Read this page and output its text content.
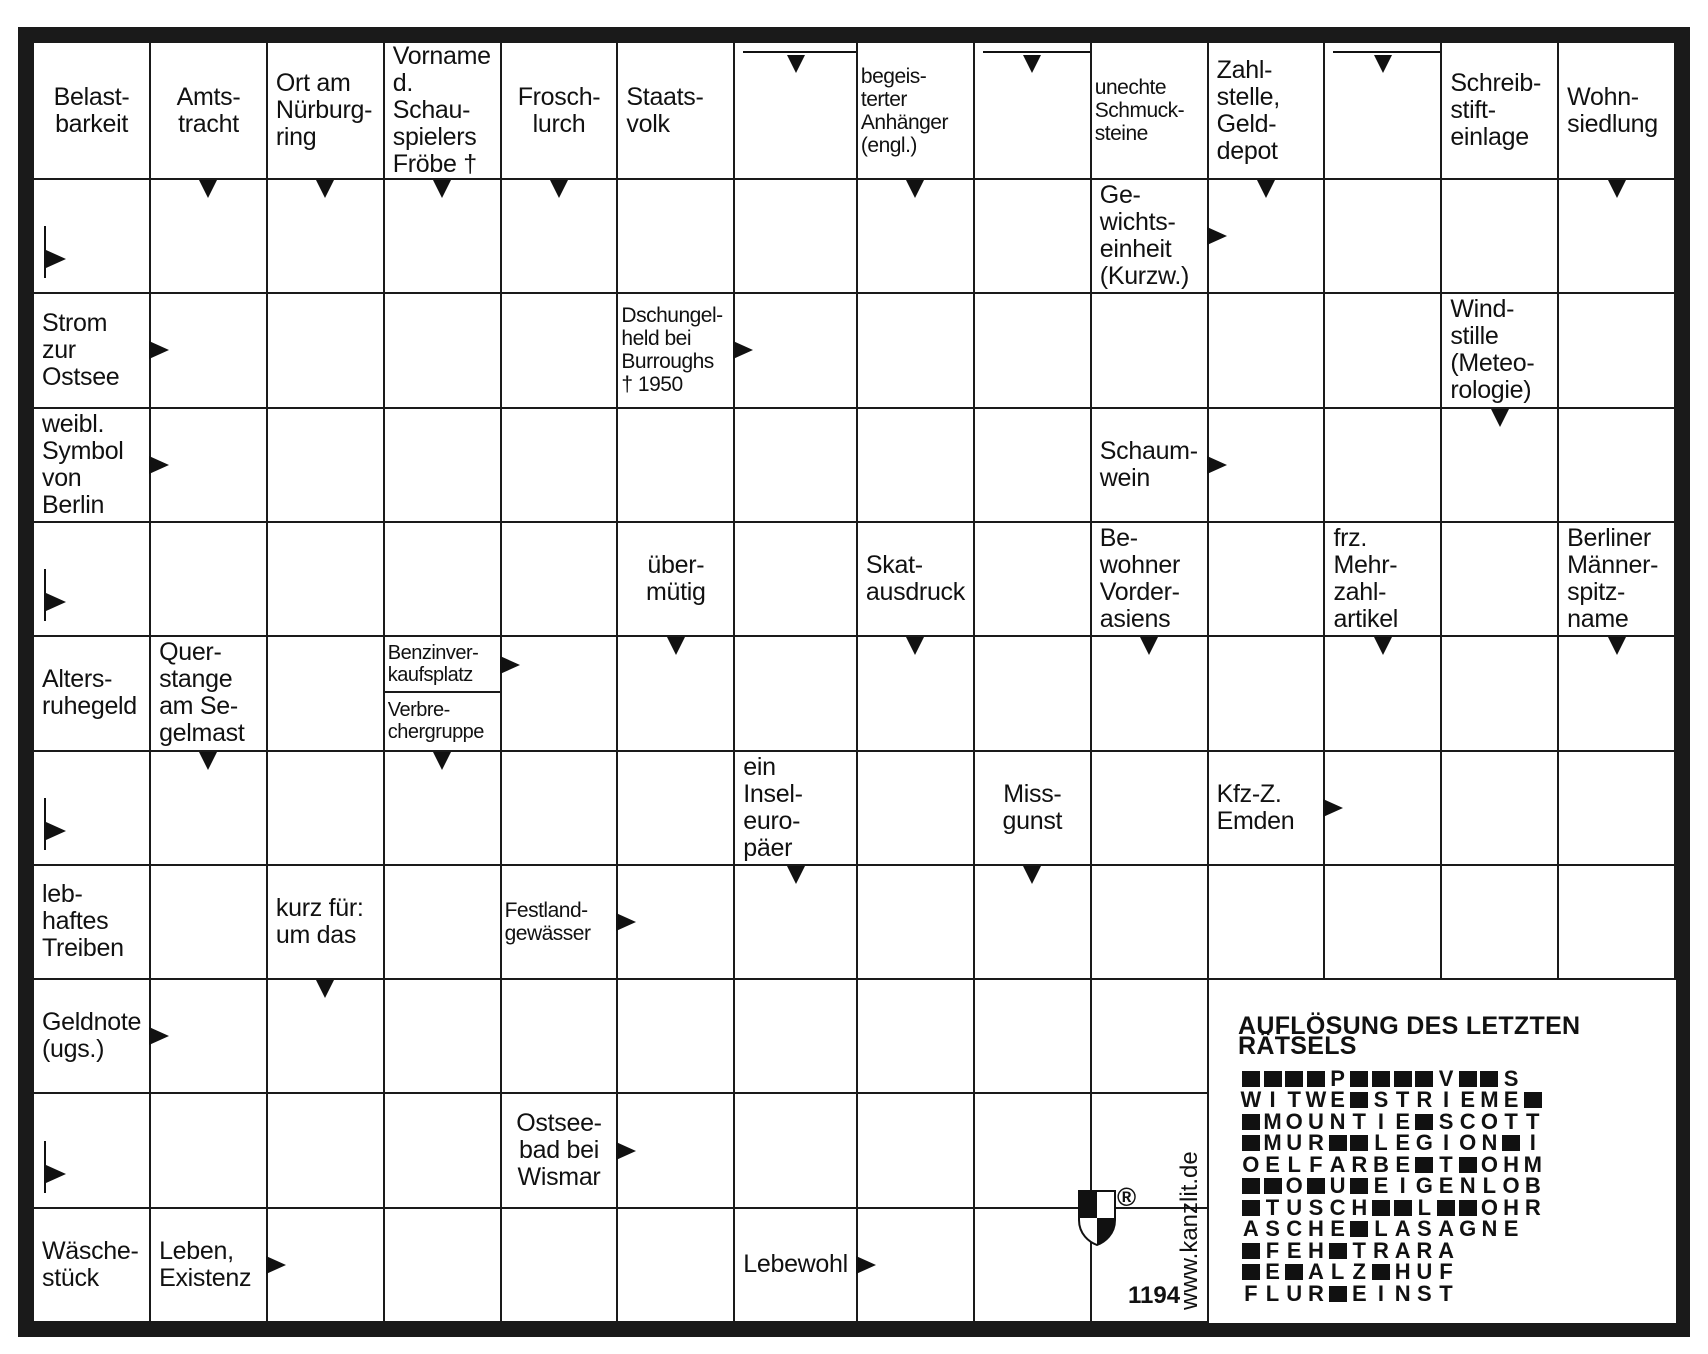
Belast-
barkeit
Amts-
tracht
Ort am
Nürburg-
ring
Vorname
d. Schau-
spielers
Fröbe †
Frosch-
lurch
Staats-
volk
begeis-
terter
Anhänger
(engl.)
unechte
Schmuck-
steine
Zahl-
stelle,
Geld-
depot
Schreib-
stift-
einlage
Wohn-
siedlung
Ge-
wichts-
einheit
(Kurzw.)
Strom
zur
Ostsee
Dschungel-
held bei
Burroughs
† 1950
Wind-
stille
(Meteo-
rologie)
weibl.
Symbol
von
Berlin
Schaum-
wein
über-
mütig
Skat-
ausdruck
Be-
wohner
Vorder-
asiens
frz.
Mehr-
zahl-
artikel
Berliner
Männer-
spitz-
name
Alters-
ruhegeld
Quer-
stange
am Se-
gelmast
Benzinver-
kaufsplatz
Verbre-
chergruppe
ein
Insel-
euro-
päer
Miss-
gunst
Kfz-Z.
Emden
leb-
haftes
Treiben
kurz für:
um das
Festland-
gewässer
Geldnote
(ugs.)
Ostsee-
bad bei
Wismar
Wäsche-
stück
Leben,
Existenz	Lebewohl
AUFLÖSUNG DES LETZTEN RÄTSELS
P	V S
W I T W E S T R I E M E
M O U N T I E S C O T T
M U R L E G I O N	I
O E L F A R B E T O H M
O U E I G E N L O B
T U S C H L O H R
A S C H E L A S A G N E
F E H T R A R A
E A L Z H U F
F L U R E I N S T
www.kanzlit.de
1194
®
